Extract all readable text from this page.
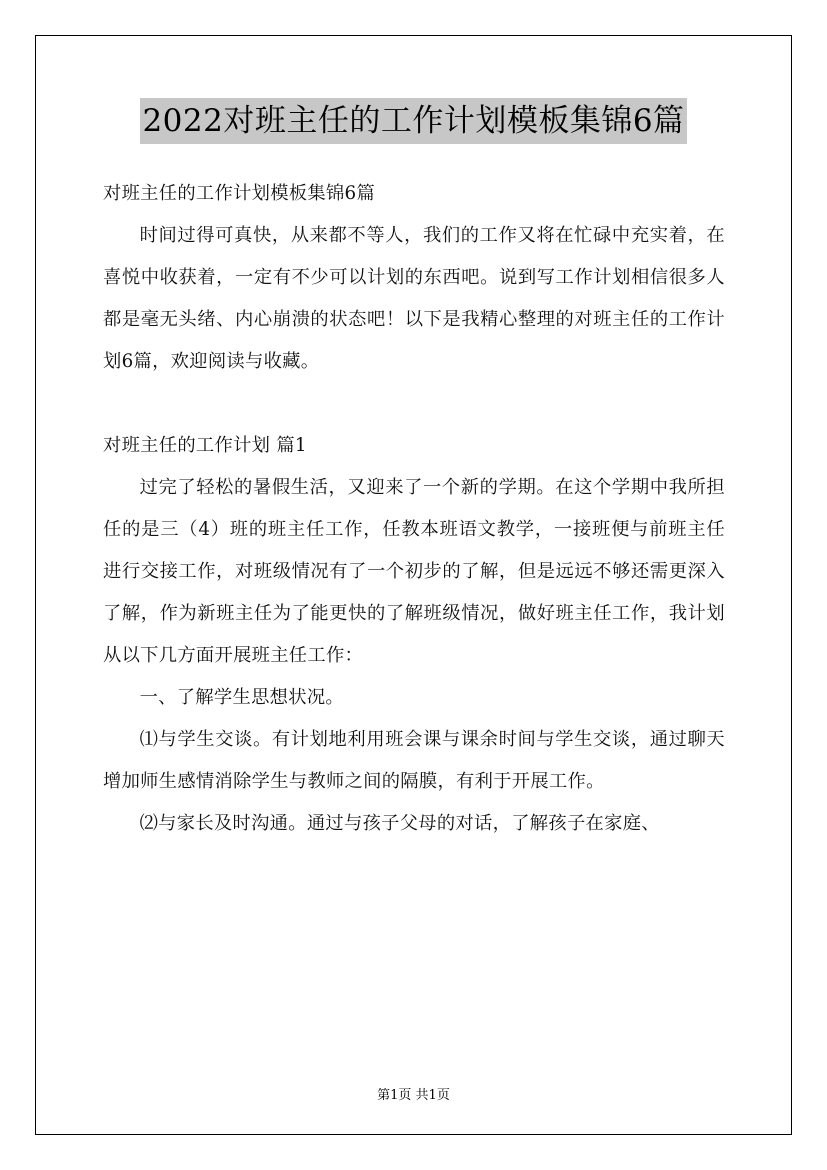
2022对班主任的工作计划模板集锦6篇

对班主任的工作计划模板集锦6篇

时间过得可真快，从来都不等人，我们的工作又将在忙碌中充实着，在喜悦中收获着，一定有不少可以计划的东西吧。说到写工作计划相信很多人都是毫无头绪、内心崩溃的状态吧！以下是我精心整理的对班主任的工作计划6篇，欢迎阅读与收藏。

对班主任的工作计划 篇1

过完了轻松的暑假生活，又迎来了一个新的学期。在这个学期中我所担任的是三（4）班的班主任工作，任教本班语文教学，一接班便与前班主任进行交接工作，对班级情况有了一个初步的了解，但是远远不够还需更深入了解，作为新班主任为了能更快的了解班级情况，做好班主任工作，我计划从以下几方面开展班主任工作：

一、了解学生思想状况。

⑴与学生交谈。有计划地利用班会课与课余时间与学生交谈，通过聊天增加师生感情消除学生与教师之间的隔膜，有利于开展工作。

⑵与家长及时沟通。通过与孩子父母的对话，了解孩子在家庭、

第1页 共1页
